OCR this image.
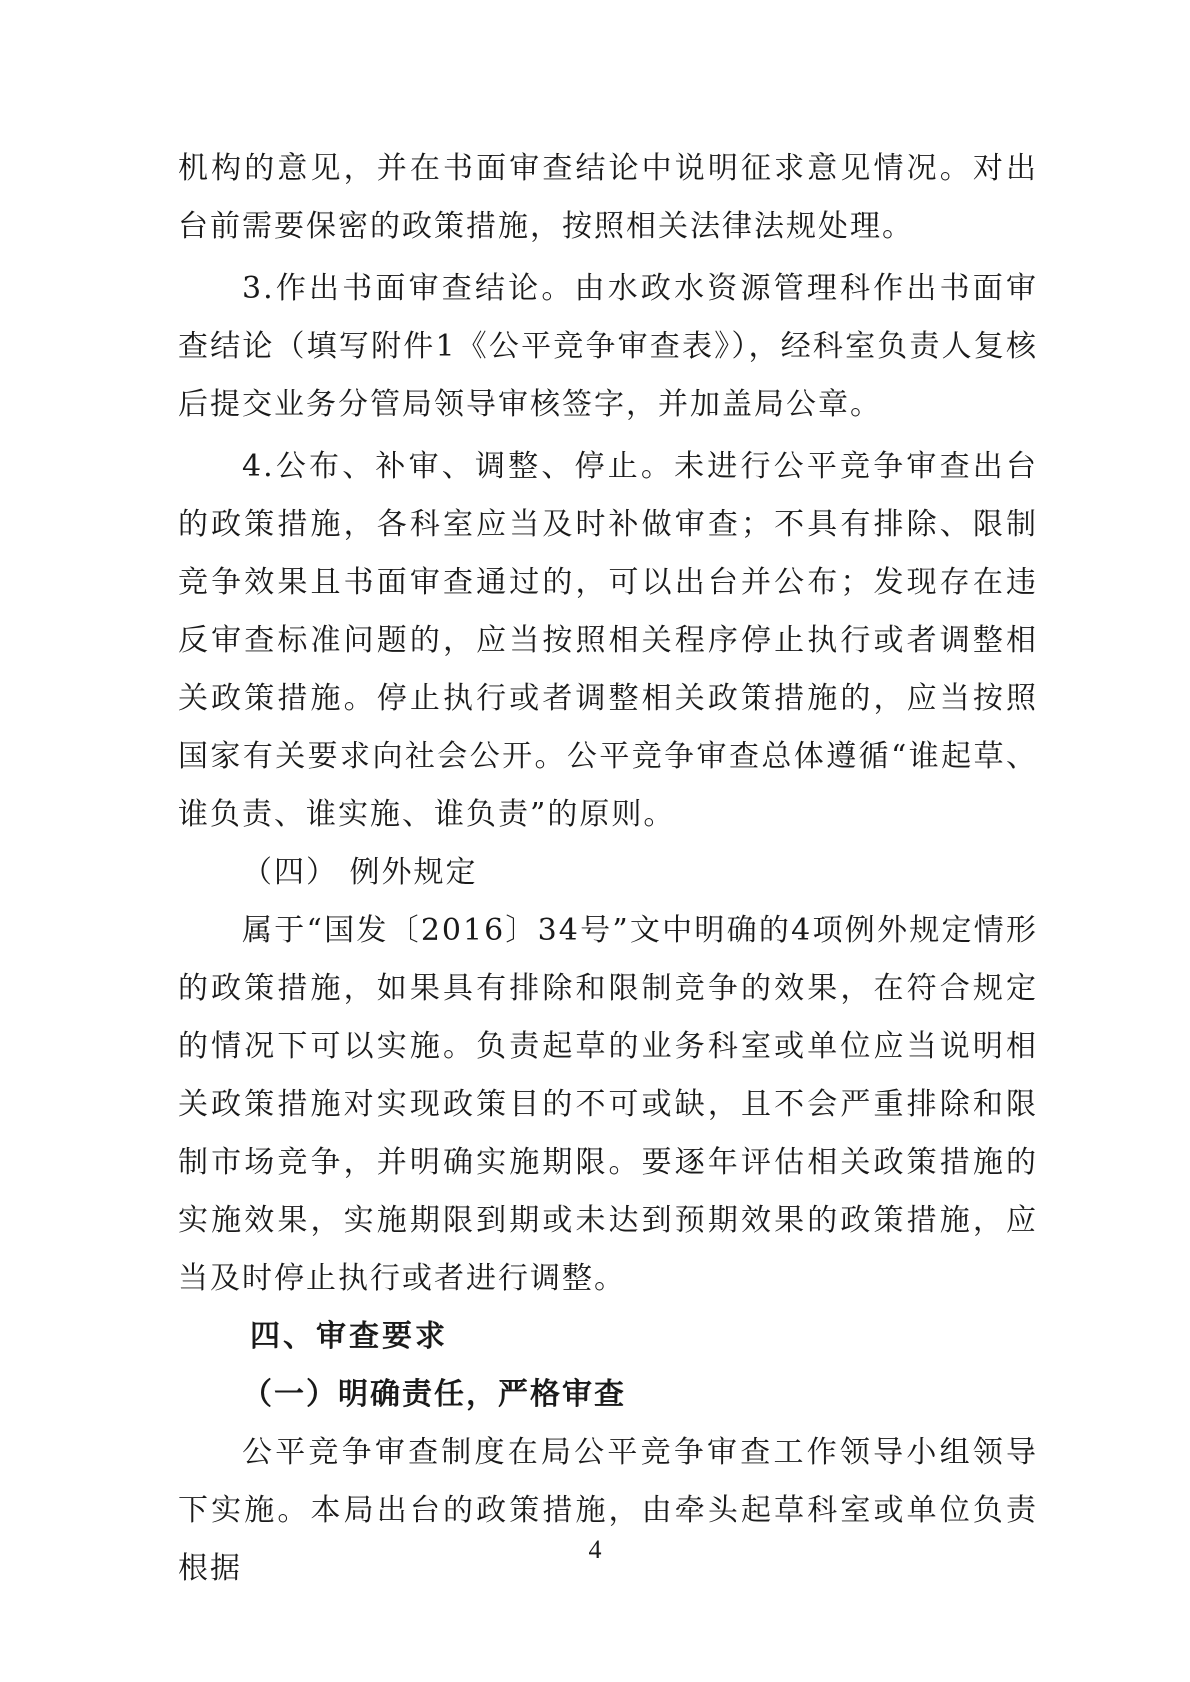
机构的意见，并在书面审查结论中说明征求意见情况。对出台前需要保密的政策措施，按照相关法律法规处理。

3.作出书面审查结论。由水政水资源管理科作出书面审查结论（填写附件1《公平竞争审查表》），经科室负责人复核后提交业务分管局领导审核签字，并加盖局公章。

4.公布、补审、调整、停止。未进行公平竞争审查出台的政策措施，各科室应当及时补做审查；不具有排除、限制竞争效果且书面审查通过的，可以出台并公布；发现存在违反审查标准问题的，应当按照相关程序停止执行或者调整相关政策措施。停止执行或者调整相关政策措施的，应当按照国家有关要求向社会公开。公平竞争审查总体遵循“谁起草、谁负责、谁实施、谁负责”的原则。

（四） 例外规定

属于“国发〔2016〕34号”文中明确的4项例外规定情形的政策措施，如果具有排除和限制竞争的效果，在符合规定的情况下可以实施。负责起草的业务科室或单位应当说明相关政策措施对实现政策目的不可或缺，且不会严重排除和限制市场竞争，并明确实施期限。要逐年评估相关政策措施的实施效果，实施期限到期或未达到预期效果的政策措施，应当及时停止执行或者进行调整。

四、审查要求

（一）明确责任，严格审查

公平竞争审查制度在局公平竞争审查工作领导小组领导下实施。本局出台的政策措施，由牵头起草科室或单位负责根据

4
